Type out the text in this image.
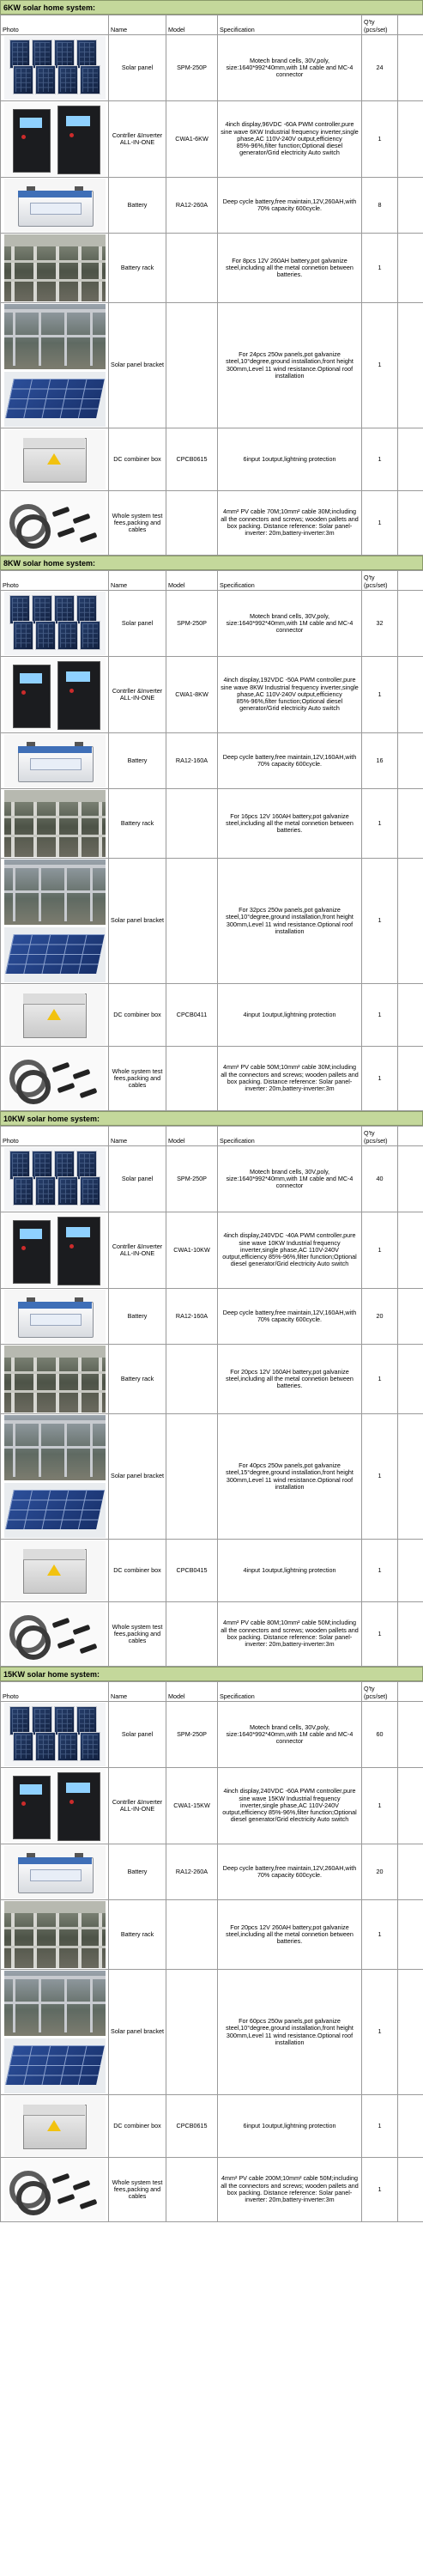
6KW solar home system:
Photo	Name	Model	Specification	Q'ty
(pcs/set)	

	Solar panel	SPM-250P	Motech brand cells, 30V,poly, size:1640*992*40mm,with 1M cable and MC-4 connector	24	

	Contrller &Inverter ALL-IN-ONE	CWA1-6KW	4inch display,96VDC -60A PWM controller,pure sine wave 6KW Industrial frequency inverter,single phase,AC 110V-240V output,efficiency 85%-96%,filter function;Optional diesel generator/Grid electricity Auto switch	1	

	Battery	RA12-260A	Deep cycle battery,free maintain,12V,260AH,with 70% capacity 600cycle.	8	

	Battery rack		For 8pcs 12V 260AH battery,pot galvanize steel,including all the metal connetion between batteries.	1	

	Solar panel bracket		For 24pcs 250w panels,pot galvanize steel,10°degree,ground installation,front height 300mm,Level 11 wind resistance.Optional roof installation	1	

	DC combiner box	CPCB0615	6input 1output,lightning protection	1	

	Whole system test fees,packing and cables		4mm² PV cable 70M;10mm² cable 30M;including all the connectors and screws; wooden pallets and box packing. Distance reference: Solar panel-inverter: 20m,battery-inverter:3m	1	
8KW solar home system:
Photo	Name	Model	Specification	Q'ty
(pcs/set)	

	Solar panel	SPM-250P	Motech brand cells, 30V,poly, size:1640*992*40mm,with 1M cable and MC-4 connector	32	

	Contrller &Inverter ALL-IN-ONE	CWA1-8KW	4inch display,192VDC -50A PWM controller,pure sine wave 8KW Industrial frequency inverter,single phase,AC 110V-240V output,efficiency 85%-96%,filter function;Optional diesel generator/Grid electricity Auto switch	1	

	Battery	RA12-160A	Deep cycle battery,free maintain,12V,160AH,with 70% capacity 600cycle.	16	

	Battery rack		For 16pcs 12V 160AH battery,pot galvanize steel,including all the metal connetion between batteries.	1	

	Solar panel bracket		For 32pcs 250w panels,pot galvanize steel,10°degree,ground installation,front height 300mm,Level 11 wind resistance.Optional roof installation	1	

	DC combiner box	CPCB0411	4input 1output,lightning protection	1	

	Whole system test fees,packing and cables		4mm² PV cable 50M;10mm² cable 30M;including all the connectors and screws; wooden pallets and box packing. Distance reference: Solar panel-inverter: 20m,battery-inverter:3m	1	
10KW solar home system:
Photo	Name	Model	Specification	Q'ty
(pcs/set)	

	Solar panel	SPM-250P	Motech brand cells, 30V,poly, size:1640*992*40mm,with 1M cable and MC-4 connector	40	

	Contrller &Inverter ALL-IN-ONE	CWA1-10KW	4inch display,240VDC -40A PWM controller,pure sine wave 10KW Industrial frequency inverter,single phase,AC 110V-240V output,efficiency 85%-96%,filter function;Optional diesel generator/Grid electricity Auto switch	1	

	Battery	RA12-160A	Deep cycle battery,free maintain,12V,160AH,with 70% capacity 600cycle.	20	

	Battery rack		For 20pcs 12V 160AH battery,pot galvanize steel,including all the metal connetion between batteries.	1	

	Solar panel bracket		For 40pcs 250w panels,pot galvanize steel,15°degree,ground installation,front height 300mm,Level 11 wind resistance.Optional roof installation	1	

	DC combiner box	CPCB0415	4input 1output,lightning protection	1	

	Whole system test fees,packing and cables		4mm² PV cable 80M;10mm² cable 50M;including all the connectors and screws; wooden pallets and box packing. Distance reference: Solar panel-inverter: 20m,battery-inverter:3m	1	
15KW solar home system:
Photo	Name	Model	Specification	Q'ty
(pcs/set)	

	Solar panel	SPM-250P	Motech brand cells, 30V,poly, size:1640*992*40mm,with 1M cable and MC-4 connector	60	

	Contrller &Inverter ALL-IN-ONE	CWA1-15KW	4inch display,240VDC -60A PWM controller,pure sine wave 15KW Industrial frequency inverter,single phase,AC 110V-240V output,efficiency 85%-96%,filter function;Optional diesel generator/Grid electricity Auto switch	1	

	Battery	RA12-260A	Deep cycle battery,free maintain,12V,260AH,with 70% capacity 600cycle.	20	

	Battery rack		For 20pcs 12V 260AH battery,pot galvanize steel,including all the metal connetion between batteries.	1	

	Solar panel bracket		For 60pcs 250w panels,pot galvanize steel,10°degree,ground installation,front height 300mm,Level 11 wind resistance.Optional roof installation	1	

	DC combiner box	CPCB0615	6input 1output,lightning protection	1	

	Whole system test fees,packing and cables		4mm² PV cable 200M;10mm² cable 50M;including all the connectors and screws; wooden pallets and box packing. Distance reference: Solar panel-inverter: 20m,battery-inverter:3m	1	
